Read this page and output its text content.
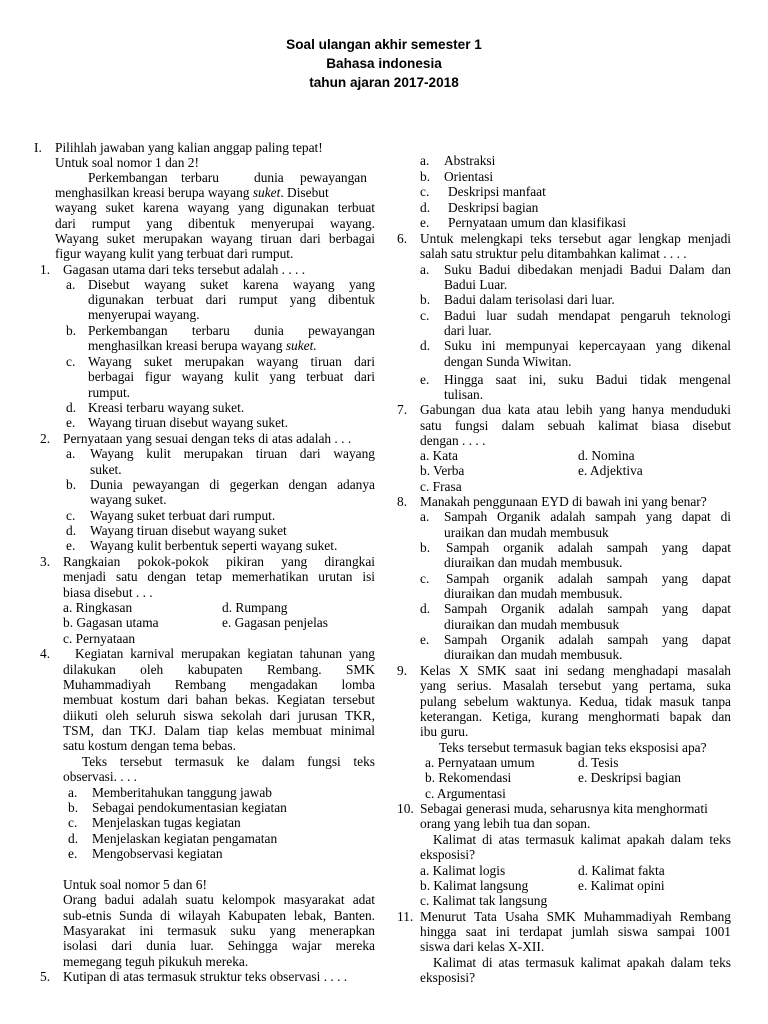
Soal ulangan akhir semester 1
Bahasa indonesia
tahun ajaran 2017-2018
I. Pilihlah jawaban yang kalian anggap paling tepat!
Untuk soal nomor 1 dan 2!
Perkembangan terbaru	dunia pewayangan
menghasilkan kreasi berupa wayang suket. Disebut
wayang suket karena wayang yang digunakan terbuat
dari rumput yang dibentuk menyerupai wayang.
Wayang suket merupakan wayang tiruan dari berbagai
figur wayang kulit yang terbuat dari rumput.
1. Gagasan utama dari teks tersebut adalah . . . .
a. Disebut wayang suket karena wayang yang
digunakan terbuat dari rumput yang dibentuk
menyerupai wayang.
b. Perkembangan terbaru dunia pewayangan
menghasilkan kreasi berupa wayang suket.
c. Wayang suket merupakan wayang tiruan dari
berbagai figur wayang kulit yang terbuat dari
rumput.
d. Kreasi terbaru wayang suket.
e. Wayang tiruan disebut wayang suket.
2. Pernyataan yang sesuai dengan teks di atas adalah . . .
a. Wayang kulit merupakan tiruan dari wayang
suket.
b. Dunia pewayangan di gegerkan dengan adanya
wayang suket.
c. Wayang suket terbuat dari rumput.
d. Wayang tiruan disebut wayang suket
e. Wayang kulit berbentuk seperti wayang suket.
3. Rangkaian pokok-pokok pikiran yang dirangkai
menjadi satu dengan tetap memerhatikan urutan isi
biasa disebut . . .
a. Ringkasan	d. Rumpang
b. Gagasan utama	e. Gagasan penjelas
c. Pernyataan
4. Kegiatan karnival merupakan kegiatan tahunan yang
dilakukan oleh kabupaten Rembang. SMK
Muhammadiyah Rembang mengadakan lomba
membuat kostum dari bahan bekas. Kegiatan tersebut
diikuti oleh seluruh siswa sekolah dari jurusan TKR,
TSM, dan TKJ. Dalam tiap kelas membuat minimal
satu kostum dengan tema bebas.
Teks tersebut termasuk ke dalam fungsi teks
observasi. . . .
a. Memberitahukan tanggung jawab
b. Sebagai pendokumentasian kegiatan
c. Menjelaskan tugas kegiatan
d. Menjelaskan kegiatan pengamatan
e. Mengobservasi kegiatan
Untuk soal nomor 5 dan 6!
Orang badui adalah suatu kelompok masyarakat adat
sub-etnis Sunda di wilayah Kabupaten lebak, Banten.
Masyarakat ini termasuk suku yang menerapkan
isolasi dari dunia luar. Sehingga wajar mereka
memegang teguh pikukuh mereka.
5. Kutipan di atas termasuk struktur teks observasi . . . .
a. Abstraksi
b. Orientasi
c. Deskripsi manfaat
d. Deskripsi bagian
e. Pernyataan umum dan klasifikasi
6. Untuk melengkapi teks tersebut agar lengkap menjadi
salah satu struktur pelu ditambahkan kalimat . . . .
a. Suku Badui dibedakan menjadi Badui Dalam dan
Badui Luar.
b. Badui dalam terisolasi dari luar.
c. Badui luar sudah mendapat pengaruh teknologi
dari luar.
d. Suku ini mempunyai kepercayaan yang dikenal
dengan Sunda Wiwitan.
e. Hingga saat ini, suku Badui tidak mengenal
tulisan.
7. Gabungan dua kata atau lebih yang hanya menduduki
satu fungsi dalam sebuah kalimat biasa disebut
dengan . . . .
a. Kata	d. Nomina
b. Verba	e. Adjektiva
c. Frasa
8. Manakah penggunaan EYD di bawah ini yang benar?
a. Sampah Organik adalah sampah yang dapat di
uraikan dan mudah membusuk
b. Sampah organik adalah sampah yang dapat
diuraikan dan mudah membusuk.
c. Sampah organik adalah sampah yang dapat
diuraikan dan mudah membusuk.
d. Sampah Organik adalah sampah yang dapat
diuraikan dan mudah membusuk
e. Sampah Organik adalah sampah yang dapat
diuraikan dan mudah membusuk.
9. Kelas X SMK saat ini sedang menghadapi masalah
yang serius. Masalah tersebut yang pertama, suka
pulang sebelum waktunya. Kedua, tidak masuk tanpa
keterangan. Ketiga, kurang menghormati bapak dan
ibu guru.
Teks tersebut termasuk bagian teks eksposisi apa?
a. Pernyataan umum	d. Tesis
b. Rekomendasi	e. Deskripsi bagian
c. Argumentasi
10. Sebagai generasi muda, seharusnya kita menghormati
orang yang lebih tua dan sopan.
Kalimat di atas termasuk kalimat apakah dalam teks
eksposisi?
a. Kalimat logis	d. Kalimat fakta
b. Kalimat langsung	e. Kalimat opini
c. Kalimat tak langsung
11. Menurut Tata Usaha SMK Muhammadiyah Rembang
hingga saat ini terdapat jumlah siswa sampai 1001
siswa dari kelas X-XII.
Kalimat di atas termasuk kalimat apakah dalam teks
eksposisi?
